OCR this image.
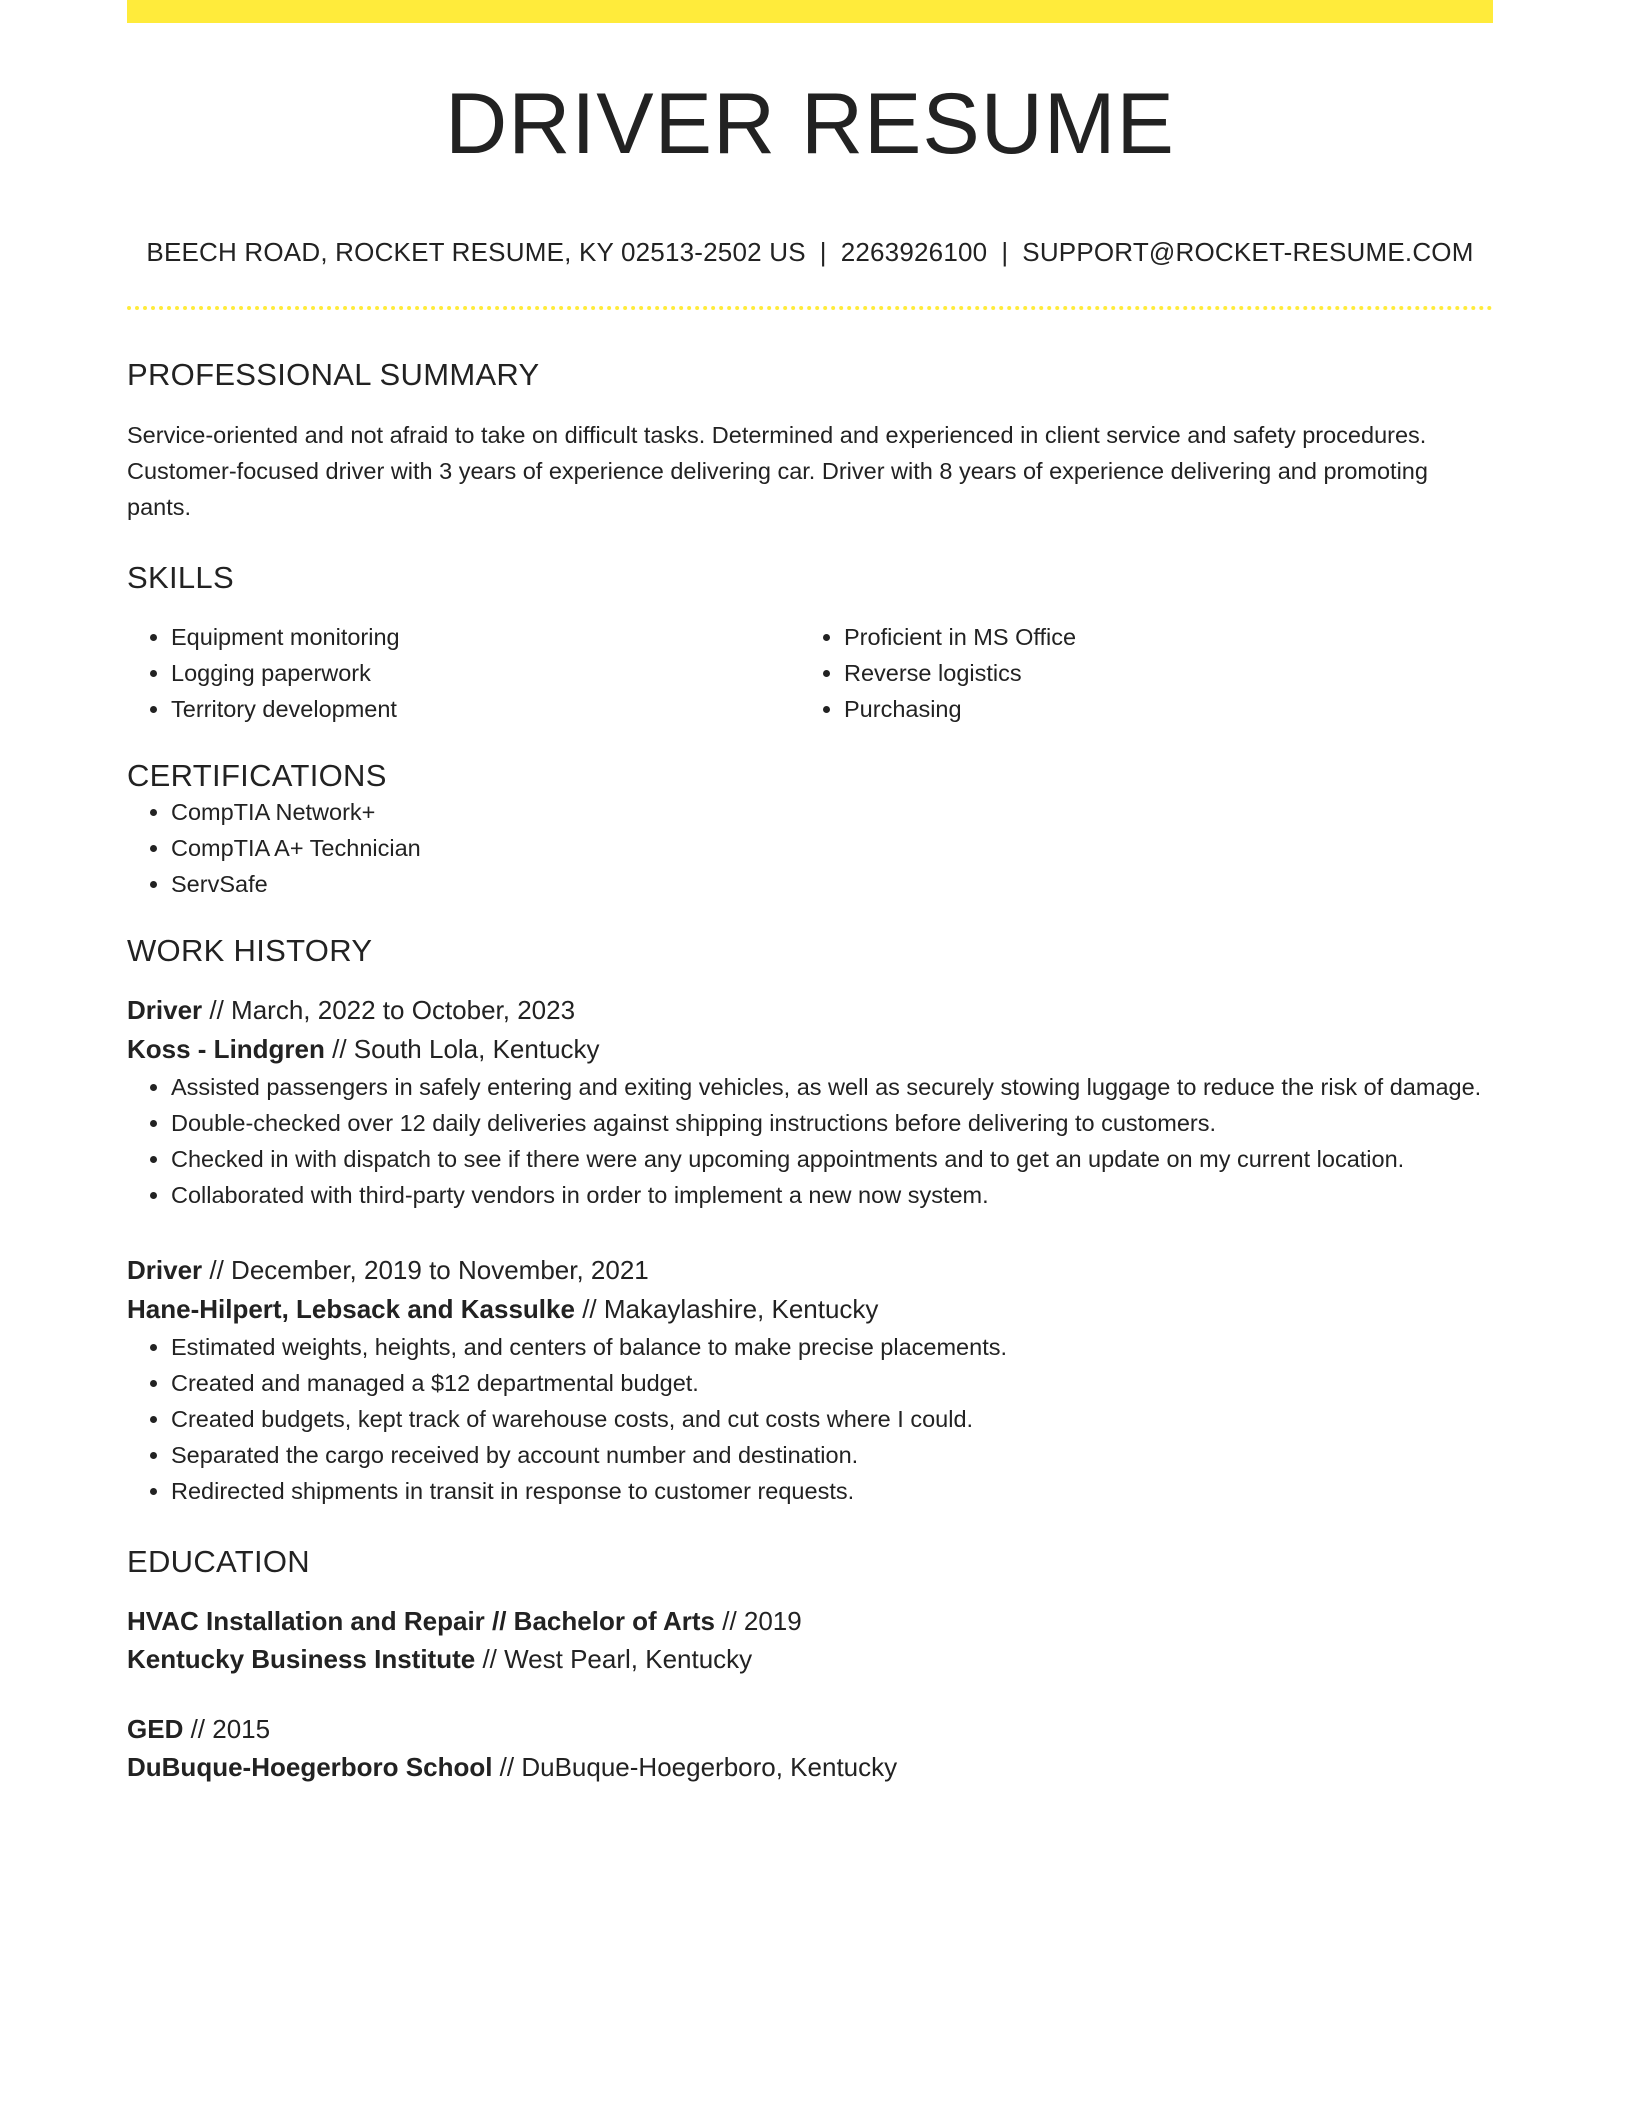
DRIVER RESUME
BEECH ROAD, ROCKET RESUME, KY 02513-2502 US | 2263926100 | SUPPORT@ROCKET-RESUME.COM
PROFESSIONAL SUMMARY

Service-oriented and not afraid to take on difficult tasks. Determined and experienced in client service and safety procedures. Customer-focused driver with 3 years of experience delivering car. Driver with 8 years of experience delivering and promoting pants.

SKILLS
• Equipment monitoring
• Logging paperwork
• Territory development
• Proficient in MS Office
• Reverse logistics
• Purchasing
CERTIFICATIONS
• CompTIA Network+
• CompTIA A+ Technician
• ServSafe
WORK HISTORY
Driver // March, 2022 to October, 2023
Koss - Lindgren // South Lola, Kentucky
• Assisted passengers in safely entering and exiting vehicles, as well as securely stowing luggage to reduce the risk of damage.
• Double-checked over 12 daily deliveries against shipping instructions before delivering to customers.
• Checked in with dispatch to see if there were any upcoming appointments and to get an update on my current location.
• Collaborated with third-party vendors in order to implement a new now system.
Driver // December, 2019 to November, 2021
Hane-Hilpert, Lebsack and Kassulke // Makaylashire, Kentucky
• Estimated weights, heights, and centers of balance to make precise placements.
• Created and managed a $12 departmental budget.
• Created budgets, kept track of warehouse costs, and cut costs where I could.
• Separated the cargo received by account number and destination.
• Redirected shipments in transit in response to customer requests.
EDUCATION
HVAC Installation and Repair // Bachelor of Arts // 2019
Kentucky Business Institute // West Pearl, Kentucky
GED // 2015
DuBuque-Hoegerboro School // DuBuque-Hoegerboro, Kentucky
